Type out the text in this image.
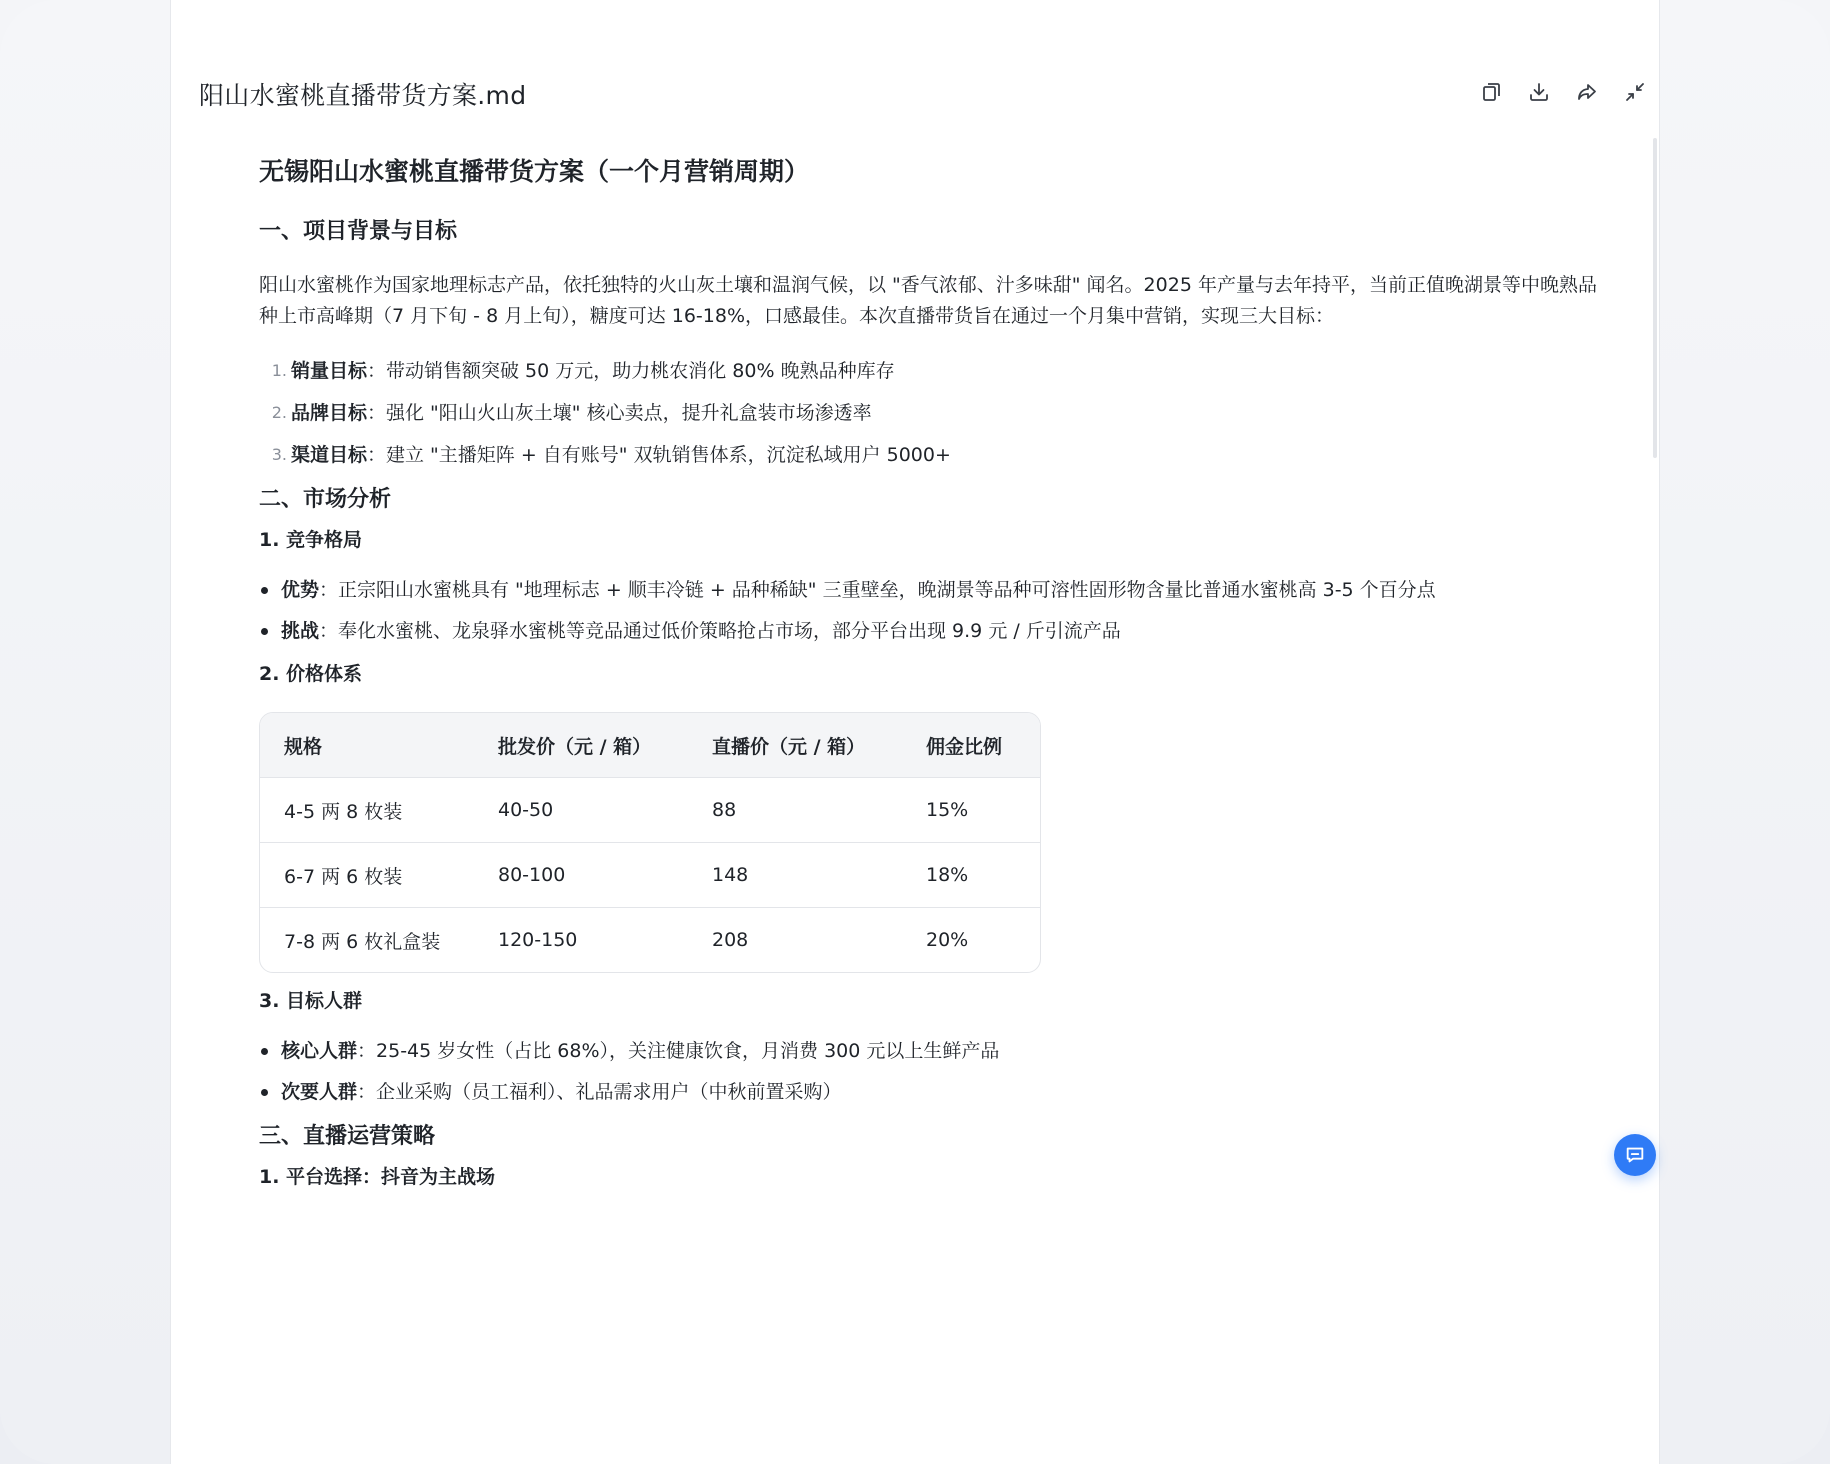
阳山水蜜桃直播带货方案.md
无锡阳山水蜜桃直播带货方案（一个月营销周期）
一、项目背景与目标

阳山水蜜桃作为国家地理标志产品，依托独特的火山灰土壤和温润气候，以 "香气浓郁、汁多味甜" 闻名。2025 年产量与去年持平，当前正值晚湖景等中晚熟品种上市高峰期（7 月下旬 - 8 月上旬），糖度可达 16-18%，口感最佳。本次直播带货旨在通过一个月集中营销，实现三大目标：

1. 销量目标 ：带动销售额突破 50 万元，助力桃农消化 80% 晚熟品种库存
2. 品牌目标 ：强化 "阳山火山灰土壤" 核心卖点，提升礼盒装市场渗透率
3. 渠道目标 ：建立 "主播矩阵 + 自有账号" 双轨销售体系，沉淀私域用户 5000+
二、市场分析
1. 竞争格局
优势 ：正宗阳山水蜜桃具有 "地理标志 + 顺丰冷链 + 品种稀缺" 三重壁垒，晚湖景等品种可溶性固形物含量比普通水蜜桃高 3-5 个百分点
挑战 ：奉化水蜜桃、龙泉驿水蜜桃等竞品通过低价策略抢占市场，部分平台出现 9.9 元 / 斤引流产品
2. 价格体系
规格	批发价（元 / 箱）	直播价（元 / 箱）	佣金比例
4-5 两 8 枚装	40-50	88	15%
6-7 两 6 枚装	80-100	148	18%
7-8 两 6 枚礼盒装	120-150	208	20%
3. 目标人群
核心人群 ：25-45 岁女性（占比 68%），关注健康饮食，月消费 300 元以上生鲜产品
次要人群 ：企业采购（员工福利）、礼品需求用户（中秋前置采购）
三、直播运营策略
1. 平台选择：抖音为主战场
